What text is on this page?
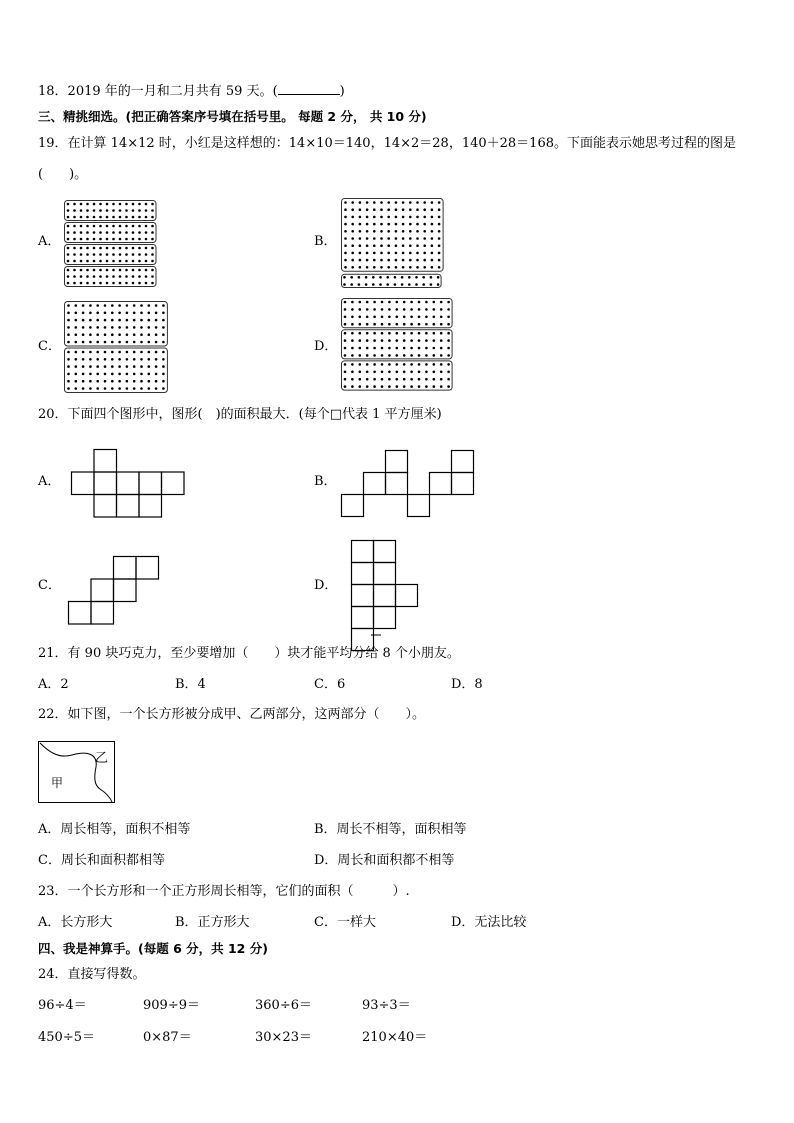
18．2019 年的一月和二月共有 59 天。(	)
三、精挑细选。(把正确答案序号填在括号里。 每题 2 分， 共 10 分)
19．在计算 14×12 时，小红是这样想的：14×10＝140，14×2＝28，140＋28＝168。下面能表示她思考过程的图是
(　　)。
A．	B．
C．	D．
20．下面四个图形中，图形(　)的面积最大．(每个□代表 1 平方厘米)
A．	B．
C．	D．
21．有 90 块巧克力，至少要增加（　　）块才能平均分给 8 个小朋友。
A．2	B．4	C．6	D．8
22．如下图，一个长方形被分成甲、乙两部分，这两部分（　　）。
甲
乙
A．周长相等，面积不相等	B．周长不相等，面积相等
C．周长和面积都相等	D．周长和面积都不相等
23．一个长方形和一个正方形周长相等，它们的面积（　　　）.
A．长方形大	B．正方形大	C．一样大	D．无法比较
四、我是神算手。(每题 6 分，共 12 分)
24．直接写得数。
96÷4＝	909÷9＝	360÷6＝	93÷3＝
450÷5＝	0×87＝	30×23＝	210×40＝
